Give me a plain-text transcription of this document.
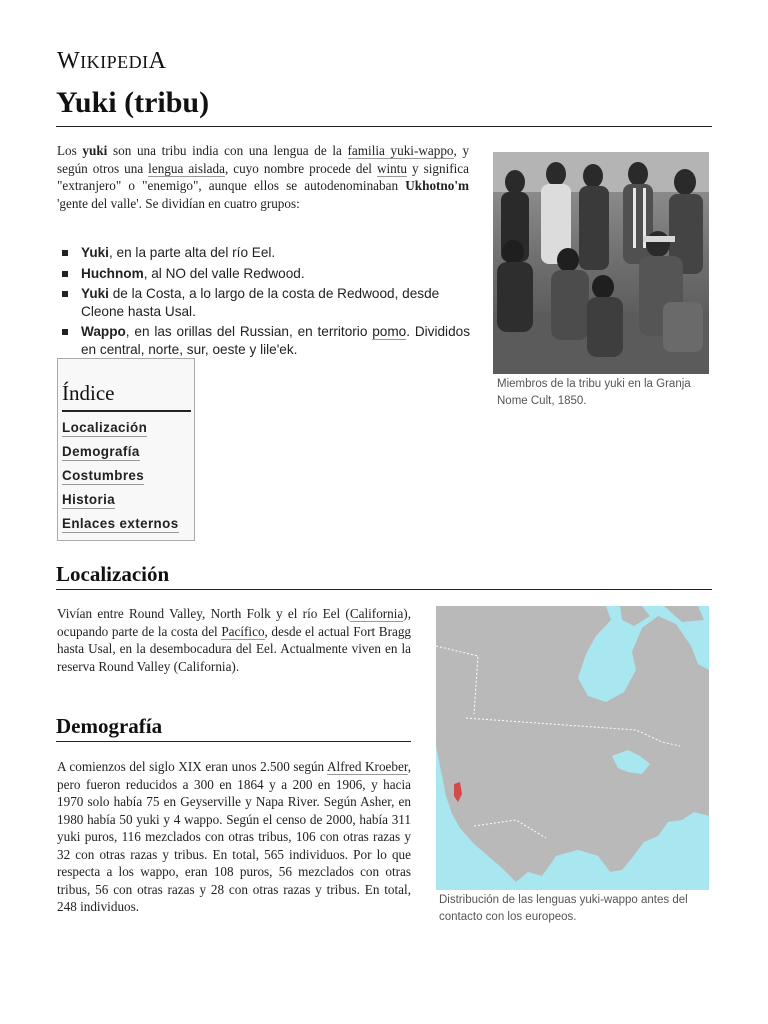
WIKIPEDIA
Yuki (tribu)

Los yuki son una tribu india con una lengua de la familia yuki-wappo, y según otros una lengua aislada, cuyo nombre procede del wintu y significa "extranjero" o "enemigo", aunque ellos se autodenominaban Ukhotno'm 'gente del valle'. Se dividían en cuatro grupos:

Yuki, en la parte alta del río Eel.
Huchnom, al NO del valle Redwood.
Yuki de la Costa, a lo largo de la costa de Redwood, desde Cleone hasta Usal.
Wappo, en las orillas del Russian, en territorio pomo. Divididos en central, norte, sur, oeste y lile'ek.
Miembros de la tribu yuki en la Granja Nome Cult, 1850.
Índice
Localización
Demografía
Costumbres
Historia
Enlaces externos
Localización

Vivían entre Round Valley, North Folk y el río Eel (California), ocupando parte de la costa del Pacífico, desde el actual Fort Bragg hasta Usal, en la desembocadura del Eel. Actualmente viven en la reserva Round Valley (California).

Demografía

A comienzos del siglo XIX eran unos 2.500 según Alfred Kroeber, pero fueron reducidos a 300 en 1864 y a 200 en 1906, y hacia 1970 solo había 75 en Geyserville y Napa River. Según Asher, en 1980 había 50 yuki y 4 wappo. Según el censo de 2000, había 311 yuki puros, 116 mezclados con otras tribus, 106 con otras razas y 32 con otras razas y tribus. En total, 565 individuos. Por lo que respecta a los wappo, eran 108 puros, 56 mezclados con otras tribus, 56 con otras razas y 28 con otras razas y tribus. En total, 248 individuos.	Distribución de las lenguas yuki-wappo antes del contacto con los europeos.
